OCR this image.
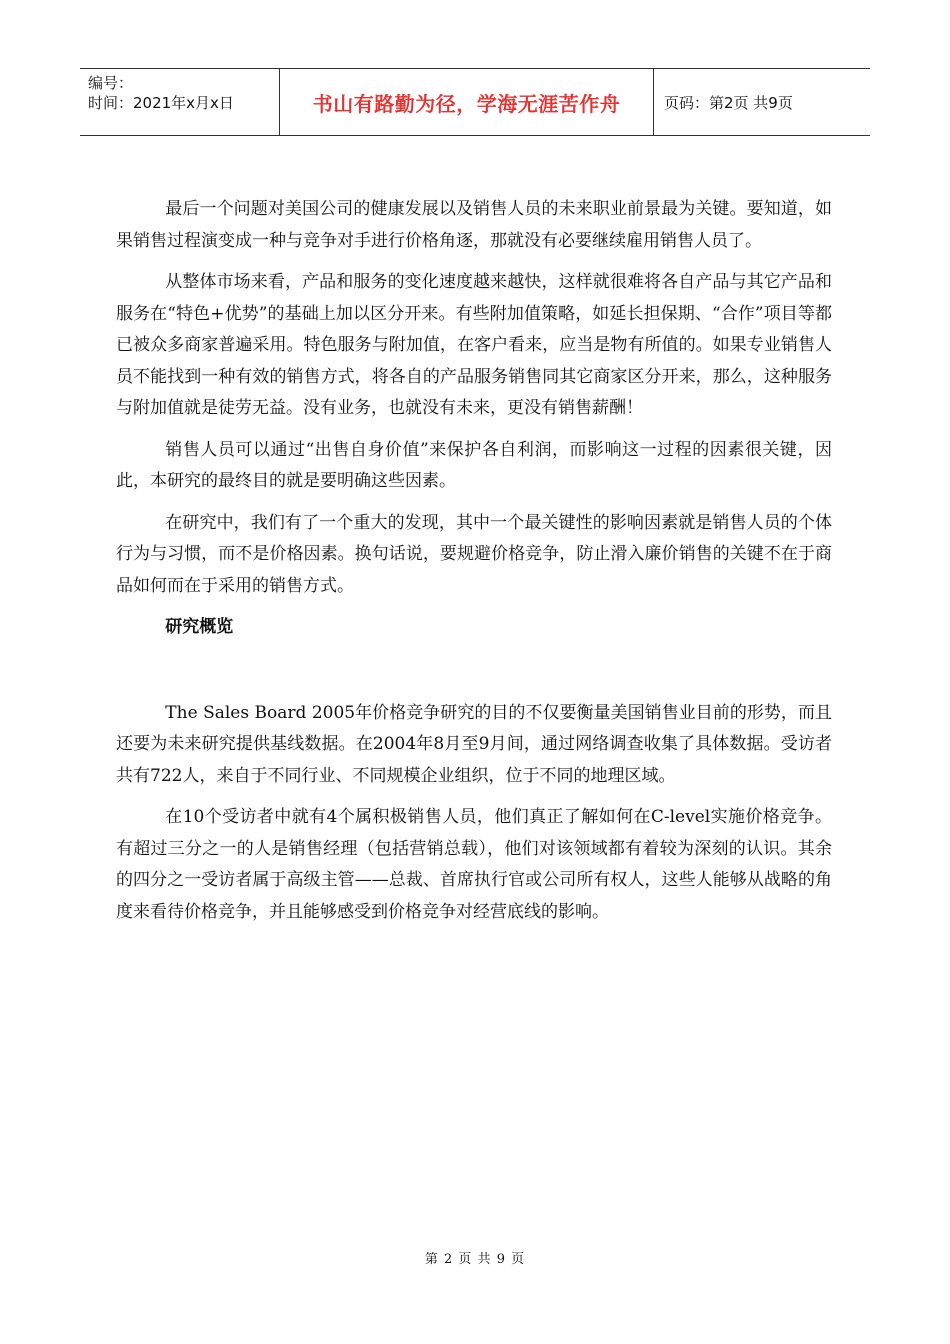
编号：
时间：2021年x月x日	书山有路勤为径，学海无涯苦作舟	页码：第2页 共9页

最后一个问题对美国公司的健康发展以及销售人员的未来职业前景最为关键。要知道，如果销售过程演变成一种与竞争对手进行价格角逐，那就没有必要继续雇用销售人员了。

从整体市场来看，产品和服务的变化速度越来越快，这样就很难将各自产品与其它产品和服务在“特色+优势”的基础上加以区分开来。有些附加值策略，如延长担保期、“合作”项目等都已被众多商家普遍采用。特色服务与附加值，在客户看来，应当是物有所值的。如果专业销售人员不能找到一种有效的销售方式，将各自的产品服务销售同其它商家区分开来，那么，这种服务与附加值就是徒劳无益。没有业务，也就没有未来，更没有销售薪酬！

销售人员可以通过“出售自身价值”来保护各自利润，而影响这一过程的因素很关键，因此，本研究的最终目的就是要明确这些因素。

在研究中，我们有了一个重大的发现，其中一个最关键性的影响因素就是销售人员的个体行为与习惯，而不是价格因素。换句话说，要规避价格竞争，防止滑入廉价销售的关键不在于商品如何而在于采用的销售方式。

研究概览

The Sales Board 2005年价格竞争研究的目的不仅要衡量美国销售业目前的形势，而且还要为未来研究提供基线数据。在2004年8月至9月间，通过网络调查收集了具体数据。受访者共有722人，来自于不同行业、不同规模企业组织，位于不同的地理区域。

在10个受访者中就有4个属积极销售人员，他们真正了解如何在C-level实施价格竞争。有超过三分之一的人是销售经理（包括营销总载），他们对该领域都有着较为深刻的认识。其余的四分之一受访者属于高级主管——总裁、首席执行官或公司所有权人，这些人能够从战略的角度来看待价格竞争，并且能够感受到价格竞争对经营底线的影响。

第 2 页 共 9 页
